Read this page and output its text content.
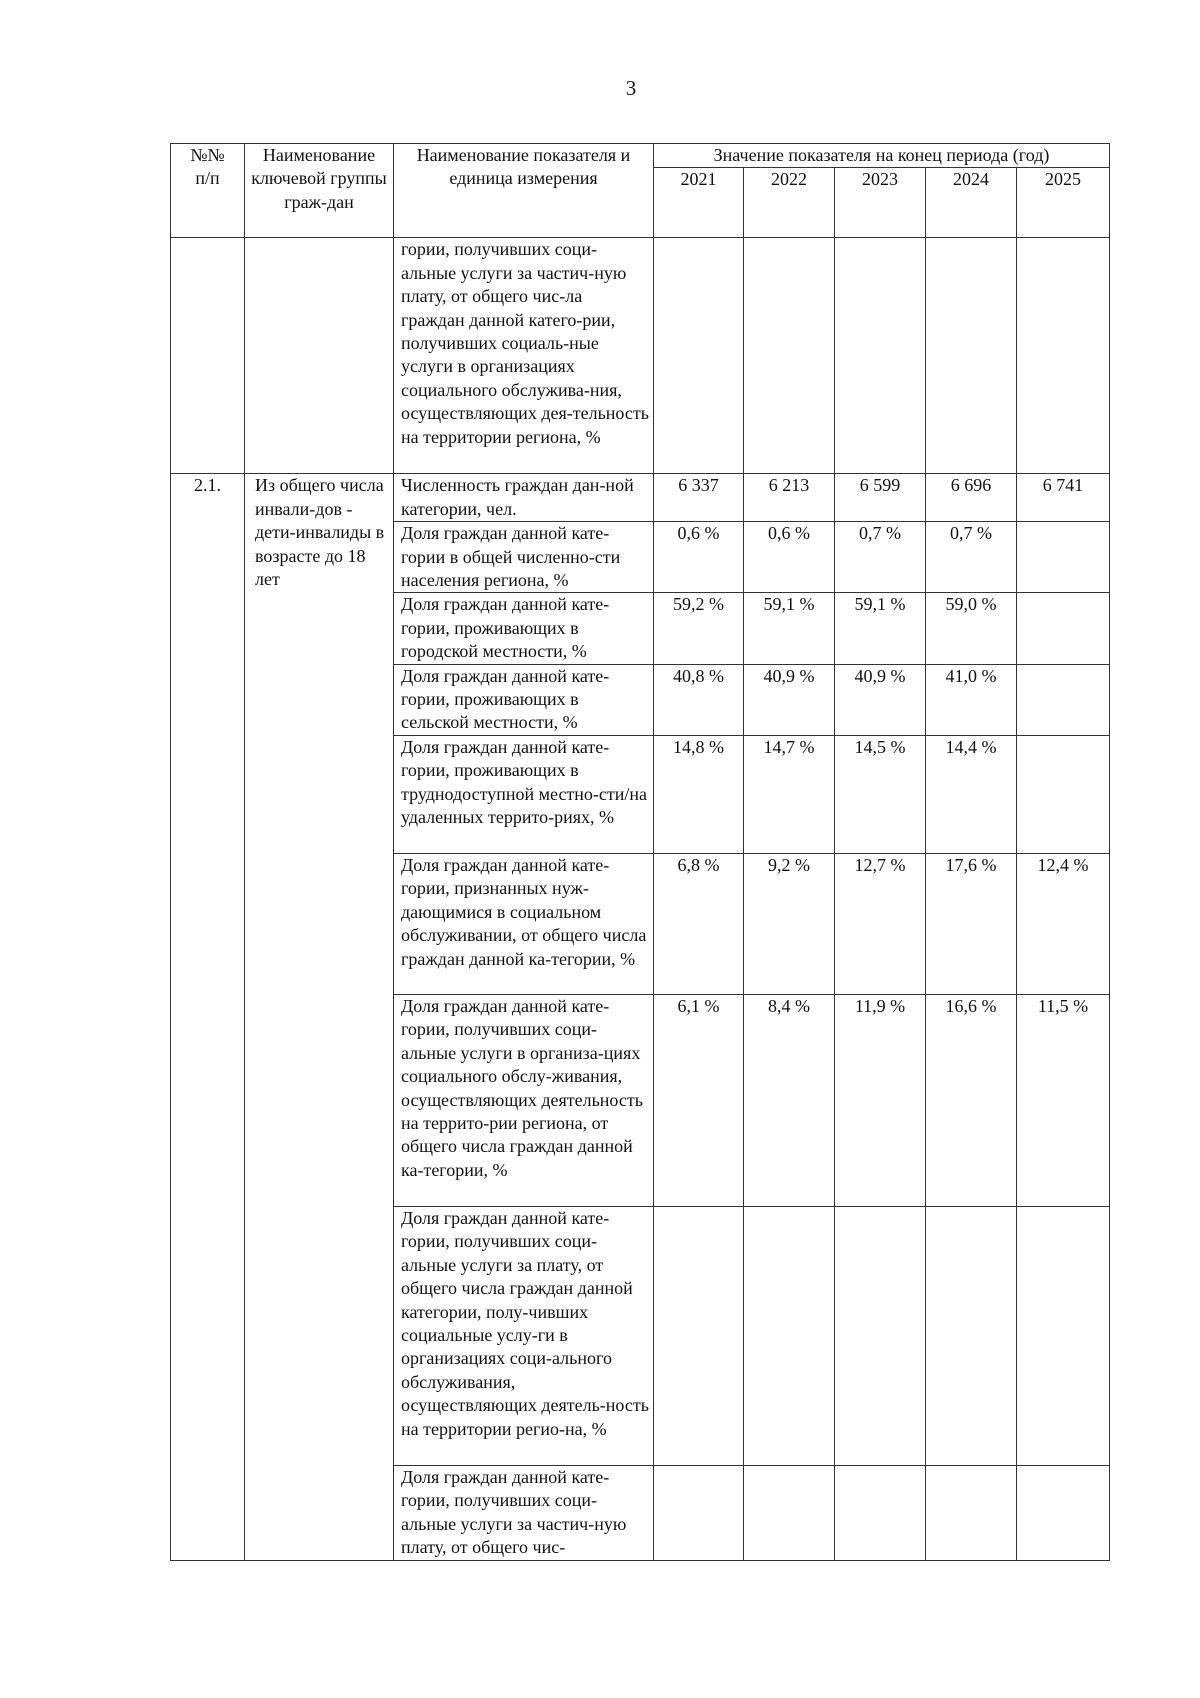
3
№№ п/п	Наименование ключевой группы граж-дан	Наименование показателя и единица измерения	Значение показателя на конец периода (год)				
			2021	2022	2023	2024	2025
		гории, получивших соци-альные услуги за частич-ную плату, от общего чис-ла граждан данной катего-рии, получивших социаль-ные услуги в организациях социального обслужива-ния, осуществляющих дея-тельность на территории региона, %					
2.1.	Из общего числа инвали-дов - дети-инвалиды в возрасте до 18 лет	Численность граждан дан-ной категории, чел.	6 337	6 213	6 599	6 696	6 741
		Доля граждан данной кате-гории в общей численно-сти населения региона, %	0,6 %	0,6 %	0,7 %	0,7 %	
		Доля граждан данной кате-гории, проживающих в городской местности, %	59,2 %	59,1 %	59,1 %	59,0 %	
		Доля граждан данной кате-гории, проживающих в сельской местности, %	40,8 %	40,9 %	40,9 %	41,0 %	
		Доля граждан данной кате-гории, проживающих в труднодоступной местно-сти/на удаленных террито-риях, %	14,8 %	14,7 %	14,5 %	14,4 %	
		Доля граждан данной кате-гории, признанных нуж-дающимися в социальном обслуживании, от общего числа граждан данной ка-тегории, %	6,8 %	9,2 %	12,7 %	17,6 %	12,4 %
		Доля граждан данной кате-гории, получивших соци-альные услуги в организа-циях социального обслу-живания, осуществляющих деятельность на террито-рии региона, от общего числа граждан данной ка-тегории, %	6,1 %	8,4 %	11,9 %	16,6 %	11,5 %
		Доля граждан данной кате-гории, получивших соци-альные услуги за плату, от общего числа граждан данной категории, полу-чивших социальные услу-ги в организациях соци-ального обслуживания, осуществляющих деятель-ность на территории регио-на, %					
		Доля граждан данной кате-гории, получивших соци-альные услуги за частич-ную плату, от общего чис-					
